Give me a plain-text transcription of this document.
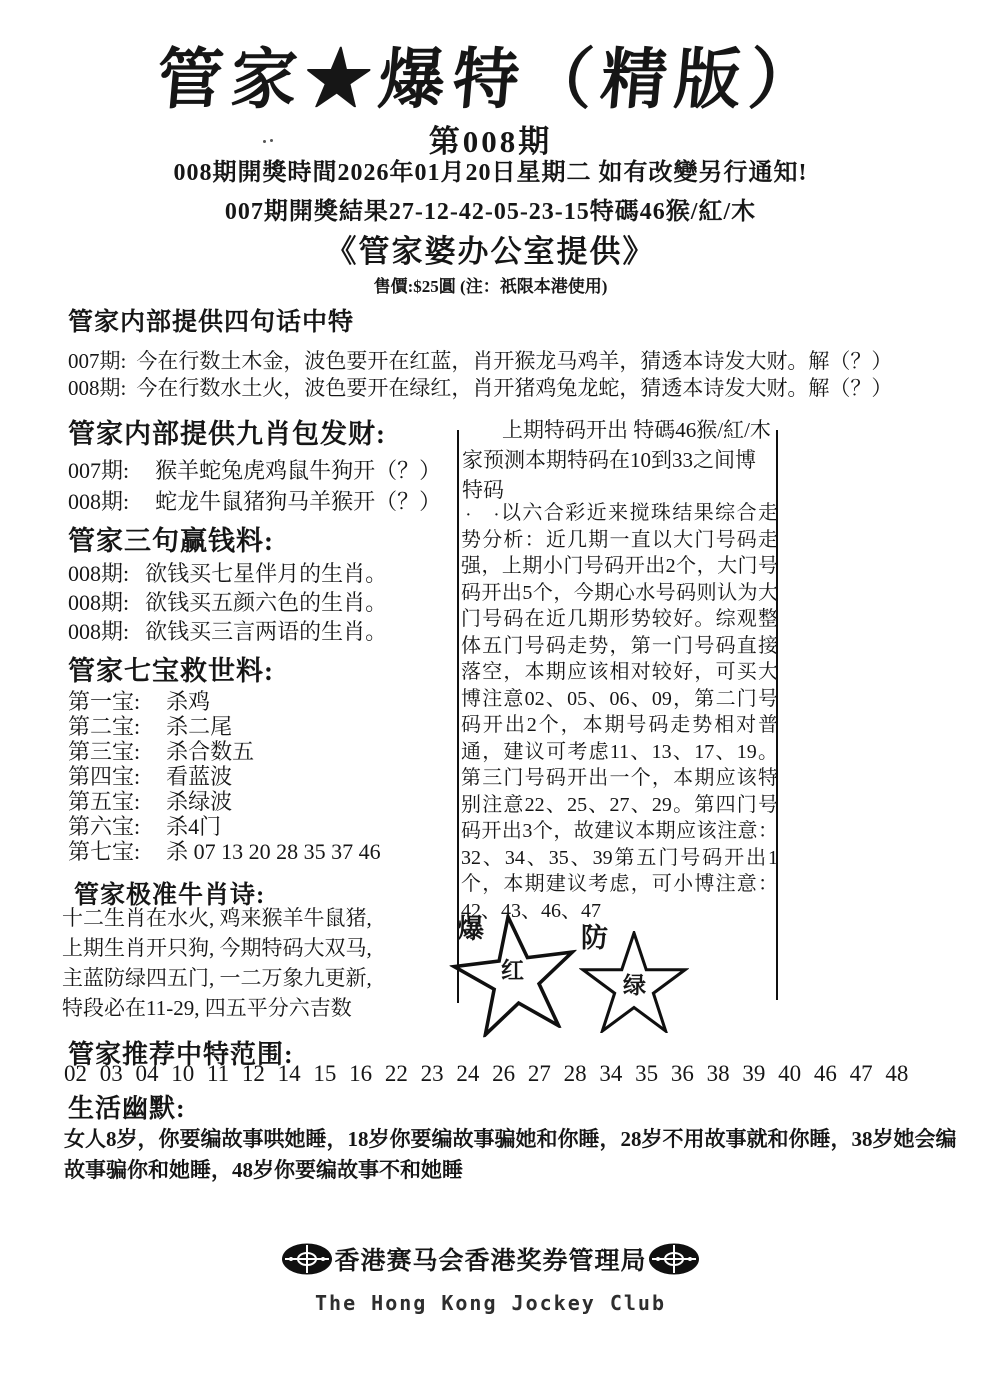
管家★爆特（精版）
第008期
008期開獎時間2026年01月20日星期二 如有改變另行通知!
007期開獎結果27-12-42-05-23-15特碼46猴/紅/木
《管家婆办公室提供》
售價:$25圓 (注：祇限本港使用)
管家内部提供四句话中特
007期: 今在行数土木金，波色要开在红蓝，肖开猴龙马鸡羊，猜透本诗发大财。解（？）
008期: 今在行数水土火，波色要开在绿红，肖开猪鸡兔龙蛇，猜透本诗发大财。解（？）
管家内部提供九肖包发财:
007期: 猴羊蛇兔虎鸡鼠牛狗开（？）
008期: 蛇龙牛鼠猪狗马羊猴开（？）
管家三句赢钱料:
008期: 欲钱买七星伴月的生肖。
008期: 欲钱买五颜六色的生肖。
008期: 欲钱买三言两语的生肖。
管家七宝救世料:
第一宝: 杀鸡
第二宝: 杀二尾
第三宝: 杀合数五
第四宝: 看蓝波
第五宝: 杀绿波
第六宝: 杀4门
第七宝: 杀 07 13 20 28 35 37 46
管家极准牛肖诗:
十二生肖在水火, 鸡来猴羊牛鼠猪,
上期生肖开只狗, 今期特码大双马,
主蓝防绿四五门, 一二万象九更新,
特段必在11-29, 四五平分六吉数
上期特码开出 特碼46猴/紅/木
家预测本期特码在10到33之间博特码
· ·
以六合彩近来搅珠结果综合走势分析：近几期一直以大门号码走强，上期小门号码开出2个，大门号码开出5个，今期心水号码则认为大门号码在近几期形势较好。综观整体五门号码走势，第一门号码直接落空，本期应该相对较好，可买大博注意02、05、06、09，第二门号码开出2个，本期号码走势相对普通，建议可考虑11、13、17、19。第三门号码开出一个，本期应该特别注意22、25、27、29。第四门号码开出3个，故建议本期应该注意：32、34、35、39第五门号码开出1个，本期建议考虑，可小博注意：42、43、46、47
爆
红
防
绿
管家推荐中特范围:
02 03 04 10 11 12 14 15 16 22 23 24 26 27 28 34 35 36 38 39 40 46 47 48
生活幽默:
女人8岁，你要编故事哄她睡，18岁你要编故事骗她和你睡，28岁不用故事就和你睡，38岁她会编故事骗你和她睡，48岁你要编故事不和她睡
香港赛马会香港奖券管理局
The Hong Kong Jockey Club
